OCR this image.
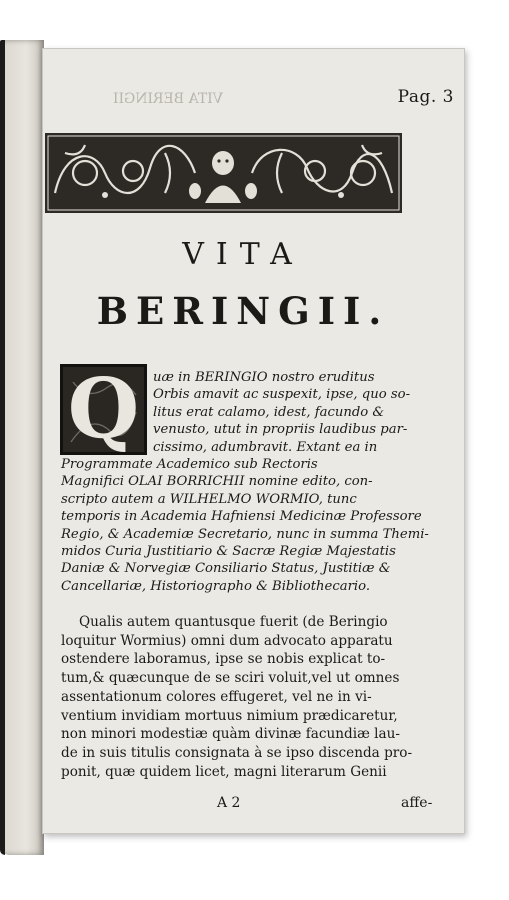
VITA BERINGII	Pag. 3
VITA
BERINGII.
Q	uæ in BERINGIO nostro eruditus
Orbis amavit ac suspexit, ipse, quo so-
litus erat calamo, idest, facundo &
venusto, utut in propriis laudibus par-
cissimo, adumbravit. Extant ea in
Programmate Academico sub Rectoris
Magnifici OLAI BORRICHII nomine edito, con-
scripto autem a WILHELMO WORMIO, tunc
temporis in Academia Hafniensi Medicinæ Professore
Regio, & Academiæ Secretario, nunc in summa Themi-
midos Curia Justitiario & Sacræ Regiæ Majestatis
Daniæ & Norvegiæ Consiliario Status, Justitiæ &
Cancellariæ, Historiographo & Bibliothecario.
Qualis autem quantusque fuerit (de Beringio
loquitur Wormius) omni dum advocato apparatu
ostendere laboramus, ipse se nobis explicat to-
tum,& quæcunque de se sciri voluit,vel ut omnes
assentationum colores effugeret, vel ne in vi-
ventium invidiam mortuus nimium prædicaretur,
non minori modestiæ quàm divinæ facundiæ lau-
de in suis titulis consignata à se ipso discenda pro-
ponit, quæ quidem licet, magni literarum Genii
A 2	affe-
